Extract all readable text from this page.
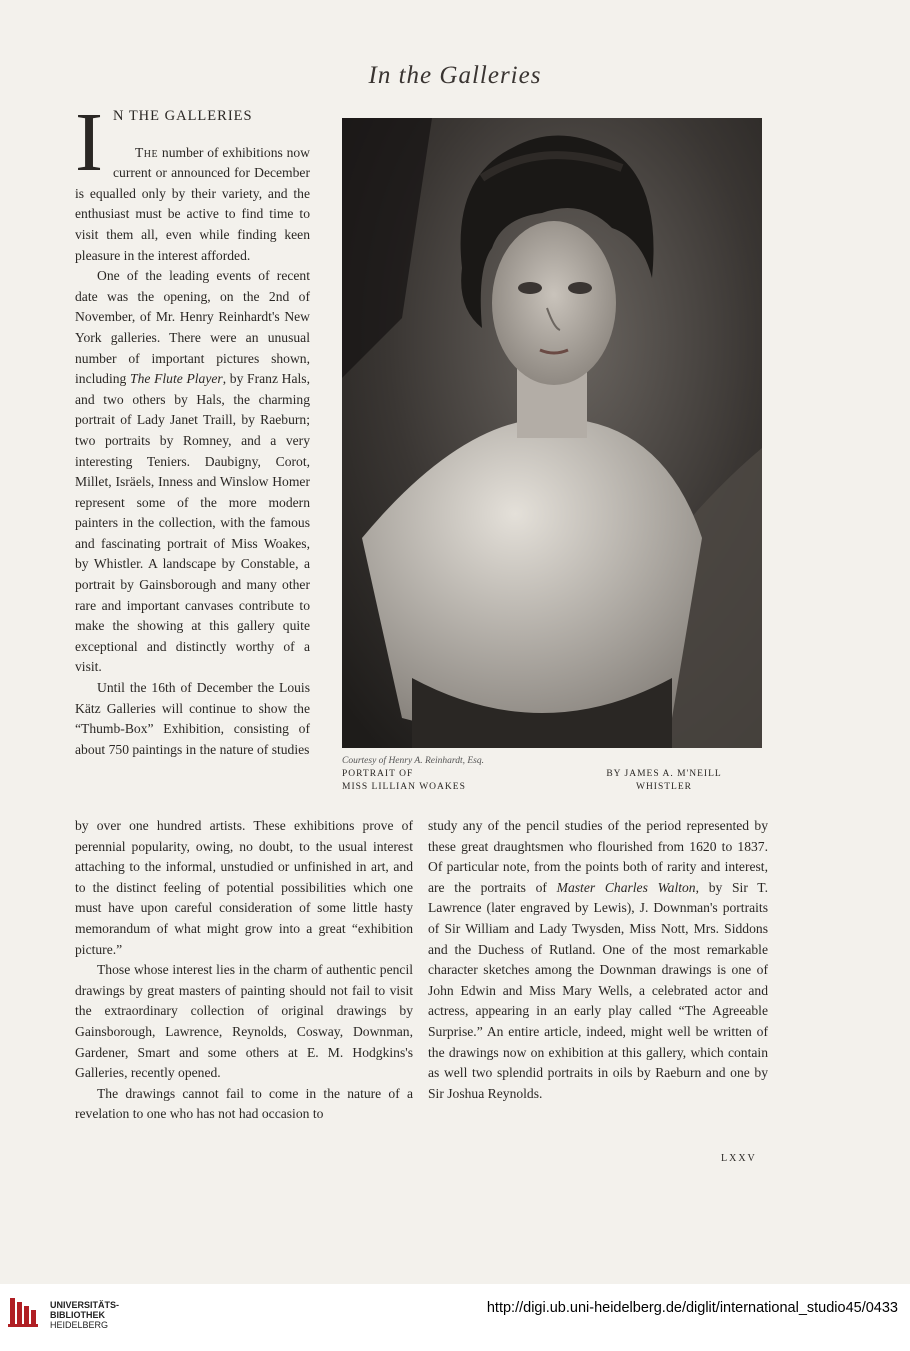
In the Galleries
I N THE GALLERIES

The number of exhibitions now current or announced for December is equalled only by their variety, and the enthusiast must be active to find time to visit them all, even while finding keen pleasure in the interest afforded.

One of the leading events of recent date was the opening, on the 2nd of November, of Mr. Henry Reinhardt's New York galleries. There were an unusual number of important pictures shown, including The Flute Player, by Franz Hals, and two others by Hals, the charming portrait of Lady Janet Traill, by Raeburn; two portraits by Romney, and a very interesting Teniers. Daubigny, Corot, Millet, Isräels, Inness and Winslow Homer represent some of the more modern painters in the collection, with the famous and fascinating portrait of Miss Woakes, by Whistler. A landscape by Constable, a portrait by Gainsborough and many other rare and important canvases contribute to make the showing at this gallery quite exceptional and distinctly worthy of a visit.

Until the 16th of December the Louis Kätz Galleries will continue to show the “Thumb-Box” Exhibition, consisting of about 750 paintings in the nature of studies

Courtesy of Henry A. Reinhardt, Esq.
PORTRAIT OF
MISS LILLIAN WOAKES
BY JAMES A. M'NEILL
WHISTLER

by over one hundred artists. These exhibitions prove of perennial popularity, owing, no doubt, to the usual interest attaching to the informal, unstudied or unfinished in art, and to the distinct feeling of potential possibilities which one must have upon careful consideration of some little hasty memorandum of what might grow into a great “exhibition picture.”

Those whose interest lies in the charm of authentic pencil drawings by great masters of painting should not fail to visit the extraordinary collection of original drawings by Gainsborough, Lawrence, Reynolds, Cosway, Downman, Gardener, Smart and some others at E. M. Hodgkins's Galleries, recently opened.

The drawings cannot fail to come in the nature of a revelation to one who has not had occasion to

study any of the pencil studies of the period represented by these great draughtsmen who flourished from 1620 to 1837. Of particular note, from the points both of rarity and interest, are the portraits of Master Charles Walton, by Sir T. Lawrence (later engraved by Lewis), J. Downman's portraits of Sir William and Lady Twysden, Miss Nott, Mrs. Siddons and the Duchess of Rutland. One of the most remarkable character sketches among the Downman drawings is one of John Edwin and Miss Mary Wells, a celebrated actor and actress, appearing in an early play called “The Agreeable Surprise.” An entire article, indeed, might well be written of the drawings now on exhibition at this gallery, which contain as well two splendid portraits in oils by Raeburn and one by Sir Joshua Reynolds.

LXXV
UNIVERSITÄTS-
BIBLIOTHEK
HEIDELBERG
http://digi.ub.uni-heidelberg.de/diglit/international_studio45/0433
